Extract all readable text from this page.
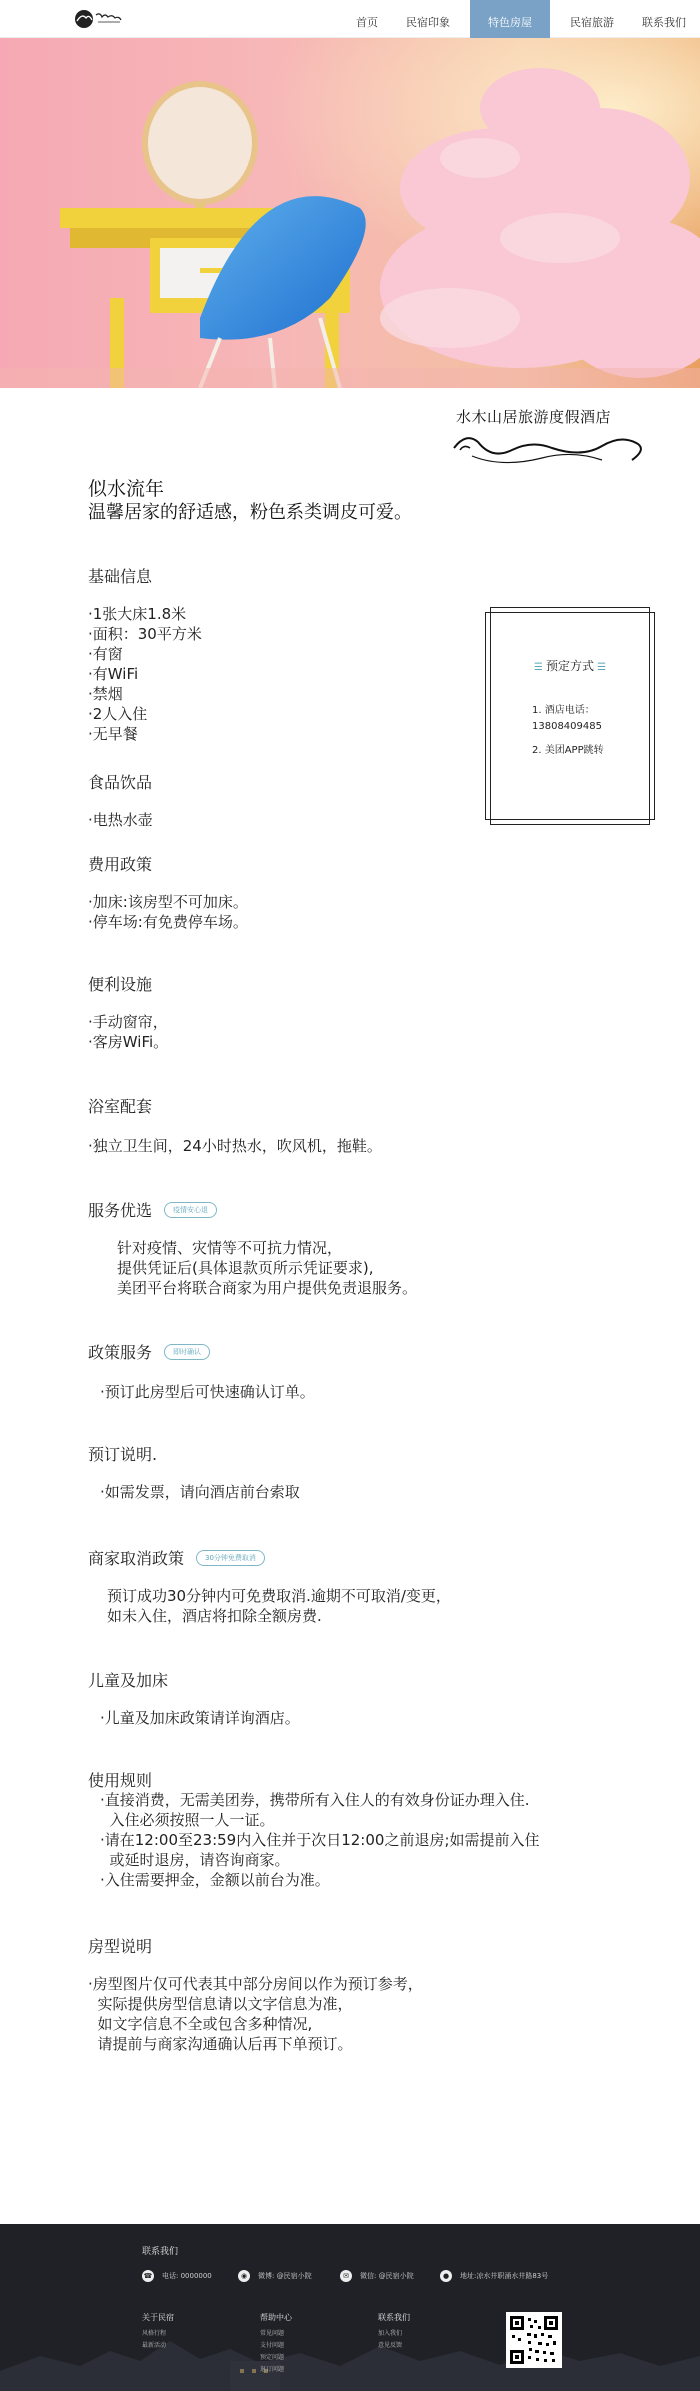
首页	民宿印象	特色房屋	民宿旅游	联系我们
水木山居旅游度假酒店
似水流年
温馨居家的舒适感，粉色系类调皮可爱。
基础信息
·1张大床1.8米
·面积：30平方米
·有窗
·有WiFi
·禁烟
·2人入住
·无早餐
☰ 预定方式 ☰
1. 酒店电话：
13808409485
2. 美团APP跳转
食品饮品
·电热水壶
费用政策
·加床:该房型不可加床。
·停车场:有免费停车场。
便利设施
·手动窗帘，
·客房WiFi。
浴室配套
·独立卫生间，24小时热水，吹风机，拖鞋。
服务优选	疫情安心退
针对疫情、灾情等不可抗力情况，
提供凭证后(具体退款页所示凭证要求),
美团平台将联合商家为用户提供免责退服务。
政策服务	即时确认
·预订此房型后可快速确认订单。
预订说明.
·如需发票，请向酒店前台索取
商家取消政策	30分钟免费取消
预订成功30分钟内可免费取消.逾期不可取消/变更，
如未入住，酒店将扣除全额房费.
儿童及加床
·儿童及加床政策请详询酒店。
使用规则
·直接消费，无需美团券，携带所有入住人的有效身份证办理入住.
入住必须按照一人一证。
·请在12:00至23:59内入住并于次日12:00之前退房;如需提前入住
或延时退房，请咨询商家。
·入住需要押金，金额以前台为准。
房型说明
·房型图片仅可代表其中部分房间以作为预订参考，
实际提供房型信息请以文字信息为准，
如文字信息不全或包含多种情况,
请提前与商家沟通确认后再下单预订。
联系我们
☎ 电话: 0000000	◉	微博: @民宿小院	✉	微信: @民宿小院	●	地址:凉水井职涌水井路83号
关于民宿
风格行程
最新活动
帮助中心
常见问题
支付问题
预定问题
退订问题
联系我们
加入我们
意见反馈
